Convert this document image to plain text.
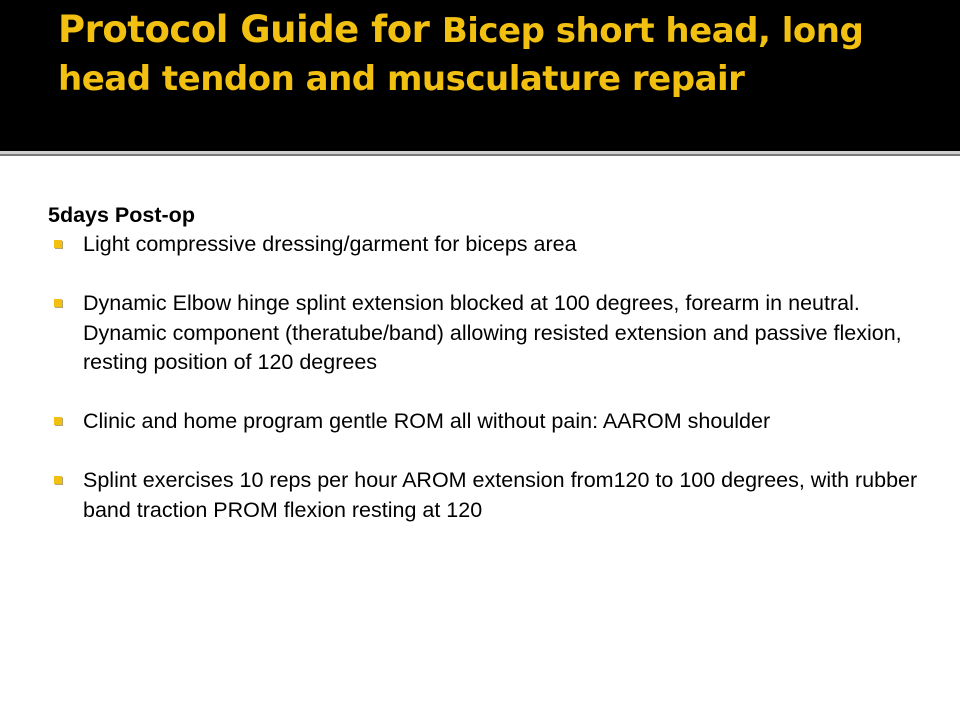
Protocol Guide for Bicep short head, long head tendon and musculature repair
5days Post-op
Light compressive dressing/garment for biceps area
Dynamic Elbow hinge splint extension blocked at 100 degrees, forearm in neutral. Dynamic component (theratube/band) allowing resisted extension and passive flexion, resting position of 120 degrees
Clinic and home program gentle ROM all without pain: AAROM shoulder
Splint exercises 10 reps per hour AROM extension from120 to 100 degrees, with rubber band traction PROM flexion resting at 120
